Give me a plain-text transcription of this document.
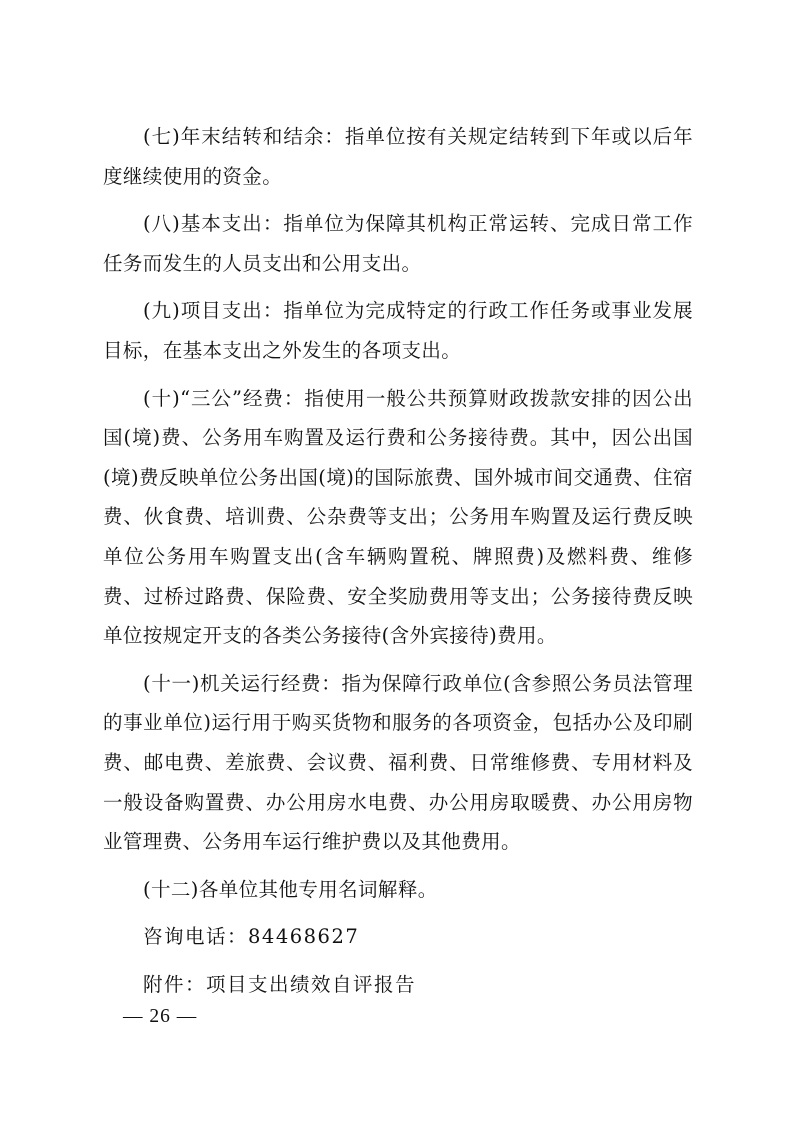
(七)年末结转和结余：指单位按有关规定结转到下年或以后年度继续使用的资金。

(八)基本支出：指单位为保障其机构正常运转、完成日常工作任务而发生的人员支出和公用支出。

(九)项目支出：指单位为完成特定的行政工作任务或事业发展目标，在基本支出之外发生的各项支出。

(十)“三公”经费：指使用一般公共预算财政拨款安排的因公出国(境)费、公务用车购置及运行费和公务接待费。其中，因公出国(境)费反映单位公务出国(境)的国际旅费、国外城市间交通费、住宿费、伙食费、培训费、公杂费等支出；公务用车购置及运行费反映单位公务用车购置支出(含车辆购置税、牌照费)及燃料费、维修费、过桥过路费、保险费、安全奖励费用等支出；公务接待费反映单位按规定开支的各类公务接待(含外宾接待)费用。

(十一)机关运行经费：指为保障行政单位(含参照公务员法管理的事业单位)运行用于购买货物和服务的各项资金，包括办公及印刷费、邮电费、差旅费、会议费、福利费、日常维修费、专用材料及一般设备购置费、办公用房水电费、办公用房取暖费、办公用房物业管理费、公务用车运行维护费以及其他费用。

(十二)各单位其他专用名词解释。

咨询电话：84468627

附件：项目支出绩效自评报告

— 26 —
